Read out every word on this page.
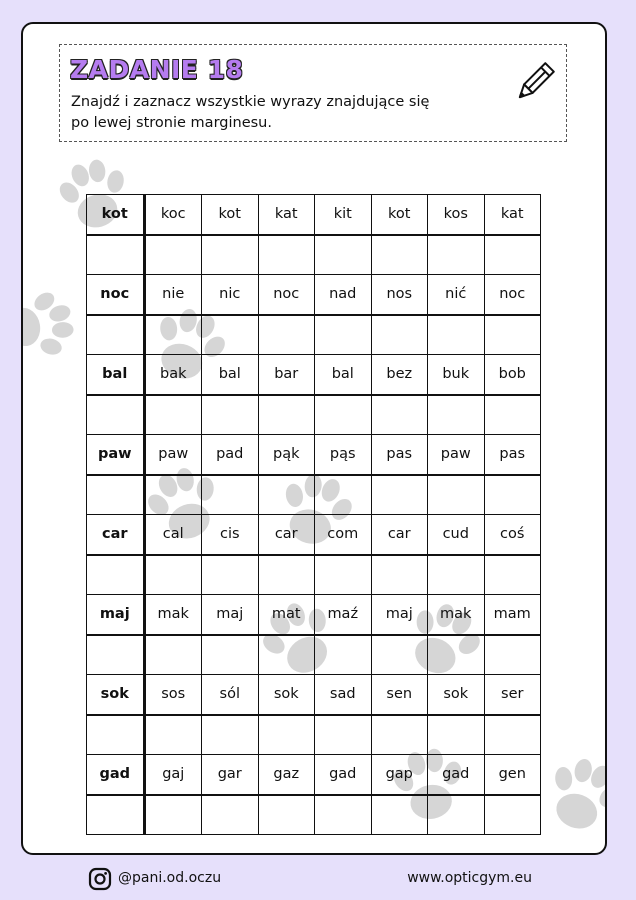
ZADANIE 18
Znajdź i zaznacz wszystkie wyrazy znajdujące się
po lewej stronie marginesu.
kot	koc	kot	kat	kit	kot	kos	kat

noc	nie	nic	noc	nad	nos	nić	noc

bal	bak	bal	bar	bal	bez	buk	bob

paw	paw	pad	pąk	pąs	pas	paw	pas

car	cal	cis	car	com	car	cud	coś

maj	mak	maj	mat	maź	maj	mak	mam

sok	sos	sól	sok	sad	sen	sok	ser

gad	gaj	gar	gaz	gad	gap	gad	gen

@pani.od.oczu	www.opticgym.eu
